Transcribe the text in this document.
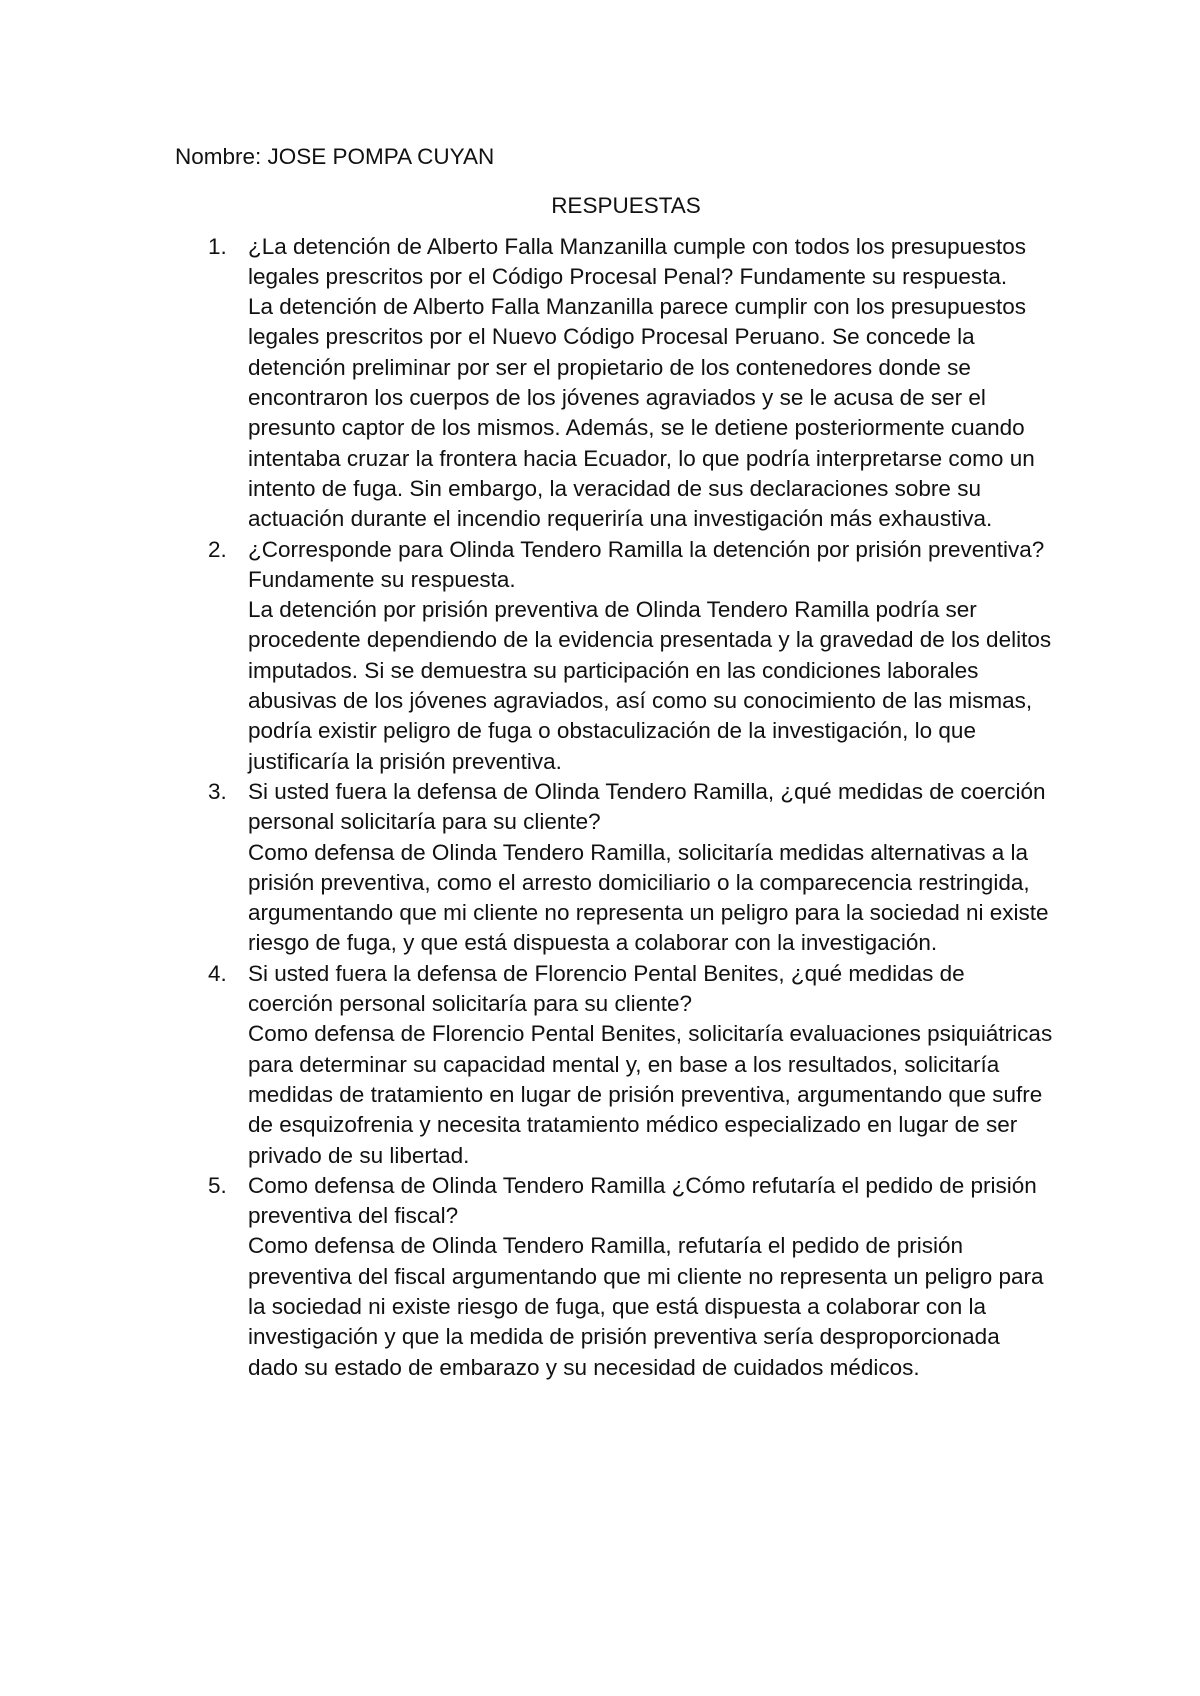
Nombre: JOSE POMPA CUYAN

RESPUESTAS

1. ¿La detención de Alberto Falla Manzanilla cumple con todos los presupuestos legales prescritos por el Código Procesal Penal? Fundamente su respuesta.

La detención de Alberto Falla Manzanilla parece cumplir con los presupuestos legales prescritos por el Nuevo Código Procesal Peruano. Se concede la detención preliminar por ser el propietario de los contenedores donde se encontraron los cuerpos de los jóvenes agraviados y se le acusa de ser el presunto captor de los mismos. Además, se le detiene posteriormente cuando intentaba cruzar la frontera hacia Ecuador, lo que podría interpretarse como un intento de fuga. Sin embargo, la veracidad de sus declaraciones sobre su actuación durante el incendio requeriría una investigación más exhaustiva.

2. ¿Corresponde para Olinda Tendero Ramilla la detención por prisión preventiva? Fundamente su respuesta.

La detención por prisión preventiva de Olinda Tendero Ramilla podría ser procedente dependiendo de la evidencia presentada y la gravedad de los delitos imputados. Si se demuestra su participación en las condiciones laborales abusivas de los jóvenes agraviados, así como su conocimiento de las mismas, podría existir peligro de fuga o obstaculización de la investigación, lo que justificaría la prisión preventiva.

3. Si usted fuera la defensa de Olinda Tendero Ramilla, ¿qué medidas de coerción personal solicitaría para su cliente?

Como defensa de Olinda Tendero Ramilla, solicitaría medidas alternativas a la prisión preventiva, como el arresto domiciliario o la comparecencia restringida, argumentando que mi cliente no representa un peligro para la sociedad ni existe riesgo de fuga, y que está dispuesta a colaborar con la investigación.

4. Si usted fuera la defensa de Florencio Pental Benites, ¿qué medidas de coerción personal solicitaría para su cliente?

Como defensa de Florencio Pental Benites, solicitaría evaluaciones psiquiátricas para determinar su capacidad mental y, en base a los resultados, solicitaría medidas de tratamiento en lugar de prisión preventiva, argumentando que sufre de esquizofrenia y necesita tratamiento médico especializado en lugar de ser privado de su libertad.

5. Como defensa de Olinda Tendero Ramilla ¿Cómo refutaría el pedido de prisión preventiva del fiscal?

Como defensa de Olinda Tendero Ramilla, refutaría el pedido de prisión preventiva del fiscal argumentando que mi cliente no representa un peligro para la sociedad ni existe riesgo de fuga, que está dispuesta a colaborar con la investigación y que la medida de prisión preventiva sería desproporcionada dado su estado de embarazo y su necesidad de cuidados médicos.
